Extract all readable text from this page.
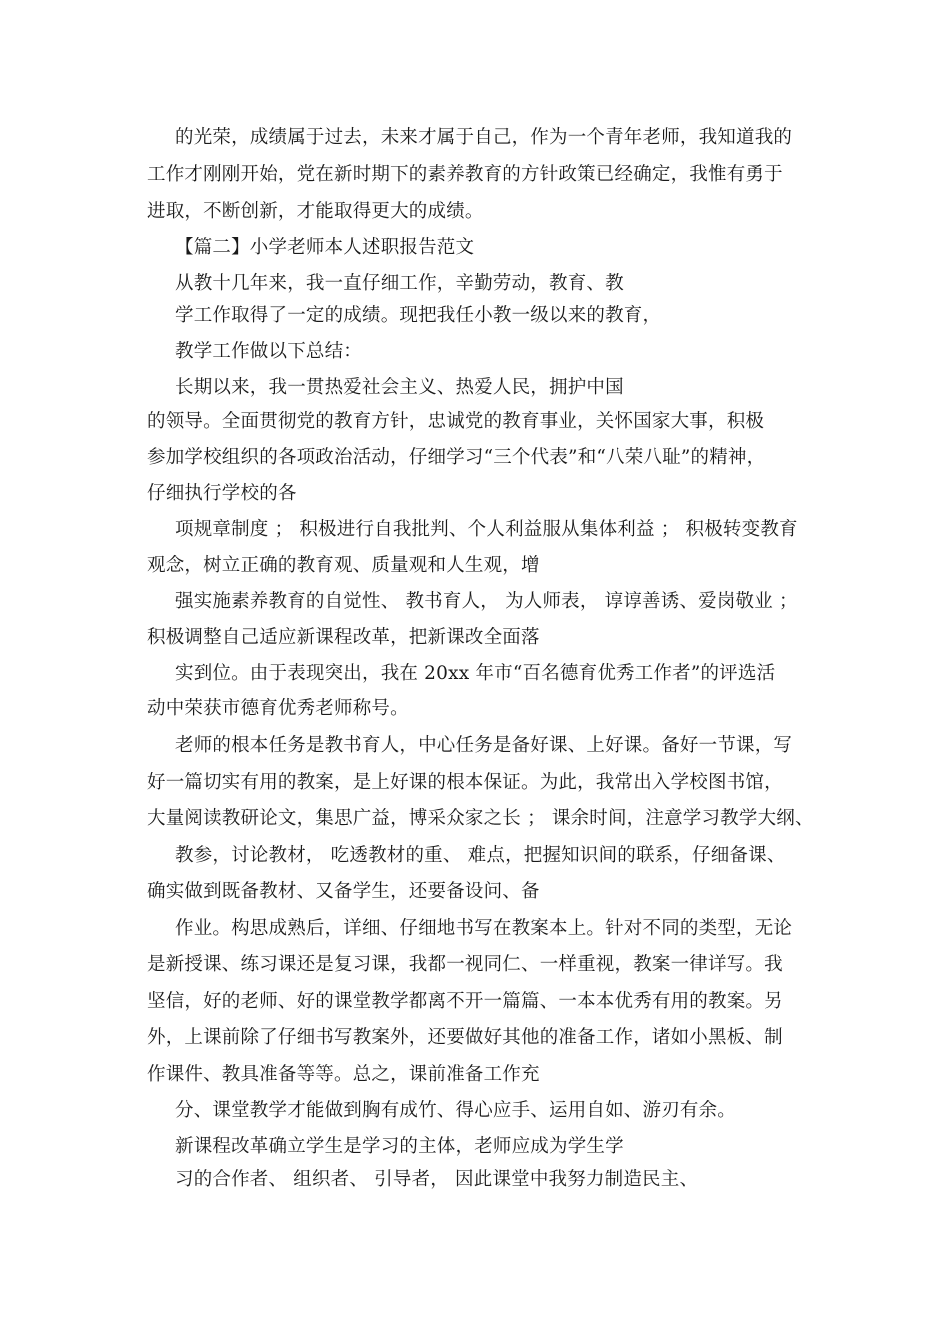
的光荣，成绩属于过去，未来才属于自己，作为一个青年老师，我知道我的
工作才刚刚开始，党在新时期下的素养教育的方针政策已经确定，我惟有勇于
进取，不断创新，才能取得更大的成绩。
【篇二】小学老师本人述职报告范文
从教十几年来，我一直仔细工作，辛勤劳动，教育、教
学工作取得了一定的成绩。现把我任小教一级以来的教育，
教学工作做以下总结：
长期以来，我一贯热爱社会主义、热爱人民，拥护中国
的领导。全面贯彻党的教育方针，忠诚党的教育事业，关怀国家大事，积极
参加学校组织的各项政治活动，仔细学习“三个代表”和“八荣八耻”的精神，
仔细执行学校的各
项规章制度 ； 积极进行自我批判、个人利益服从集体利益 ； 积极转变教育
观念，树立正确的教育观、质量观和人生观，增
强实施素养教育的自觉性、 教书育人， 为人师表， 谆谆善诱、爱岗敬业 ；
积极调整自己适应新课程改革，把新课改全面落
实到位。由于表现突出，我在 20xx 年市“百名德育优秀工作者”的评选活
动中荣获市德育优秀老师称号。
老师的根本任务是教书育人，中心任务是备好课、上好课。备好一节课，写
好一篇切实有用的教案，是上好课的根本保证。为此，我常出入学校图书馆，
大量阅读教研论文，集思广益，博采众家之长 ； 课余时间，注意学习教学大纲、
教参，讨论教材， 吃透教材的重、 难点，把握知识间的联系，仔细备课、
确实做到既备教材、又备学生，还要备设问、备
作业。构思成熟后，详细、仔细地书写在教案本上。针对不同的类型，无论
是新授课、练习课还是复习课，我都一视同仁、一样重视，教案一律详写。我
坚信，好的老师、好的课堂教学都离不开一篇篇、一本本优秀有用的教案。另
外，上课前除了仔细书写教案外，还要做好其他的准备工作，诸如小黑板、制
作课件、教具准备等等。总之，课前准备工作充
分、课堂教学才能做到胸有成竹、得心应手、运用自如、游刃有余。
新课程改革确立学生是学习的主体，老师应成为学生学
习的合作者、 组织者、 引导者， 因此课堂中我努力制造民主、
